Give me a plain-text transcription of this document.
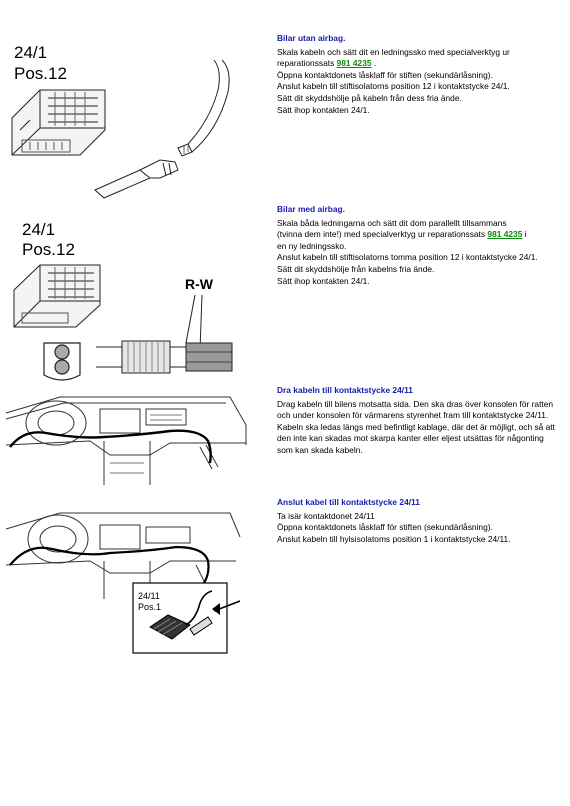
24/1
Pos.12
Bilar utan airbag.
Skala kabeln och sätt dit en ledningssko med specialverktyg ur
reparationssats 981 4235 .
Öppna kontaktdonets låsklaff för stiften (sekundärlåsning).
Anslut kabeln till stiftisolatorns position 12 i kontaktstycke 24/1.
Sätt dit skyddshölje på kabeln från dess fria ände.
Sätt ihop kontakten 24/1.
24/1
Pos.12
R-W
Bilar med airbag.
Skala båda ledningarna och sätt dit dom parallellt tillsammans
(tvinna dem inte!) med specialverktyg ur reparationssats 981 4235 i
en ny ledningssko.
Anslut kabeln till stiftisolatorns tomma position 12 i kontaktstycke 24/1.
Sätt dit skyddshölje från kabelns fria ände.
Sätt ihop kontakten 24/1.
Dra kabeln till kontaktstycke 24/11
Drag kabeln till bilens motsatta sida. Den ska dras över konsolen för ratten och under konsolen för värmarens styrenhet fram till kontaktstycke 24/11.
Kabeln ska ledas längs med befintligt kablage, där det är möjligt, och så att den inte kan skadas mot skarpa kanter eller eljest utsättas för någonting som kan skada kabeln.
24/11
Pos.1
Anslut kabel till kontaktstycke 24/11
Ta isär kontaktdonet 24/11
Öppna kontaktdonets låsklaff för stiften (sekundärlåsning).
Anslut kabeln till hylsisolatoms position 1 i kontaktstycke 24/11.
